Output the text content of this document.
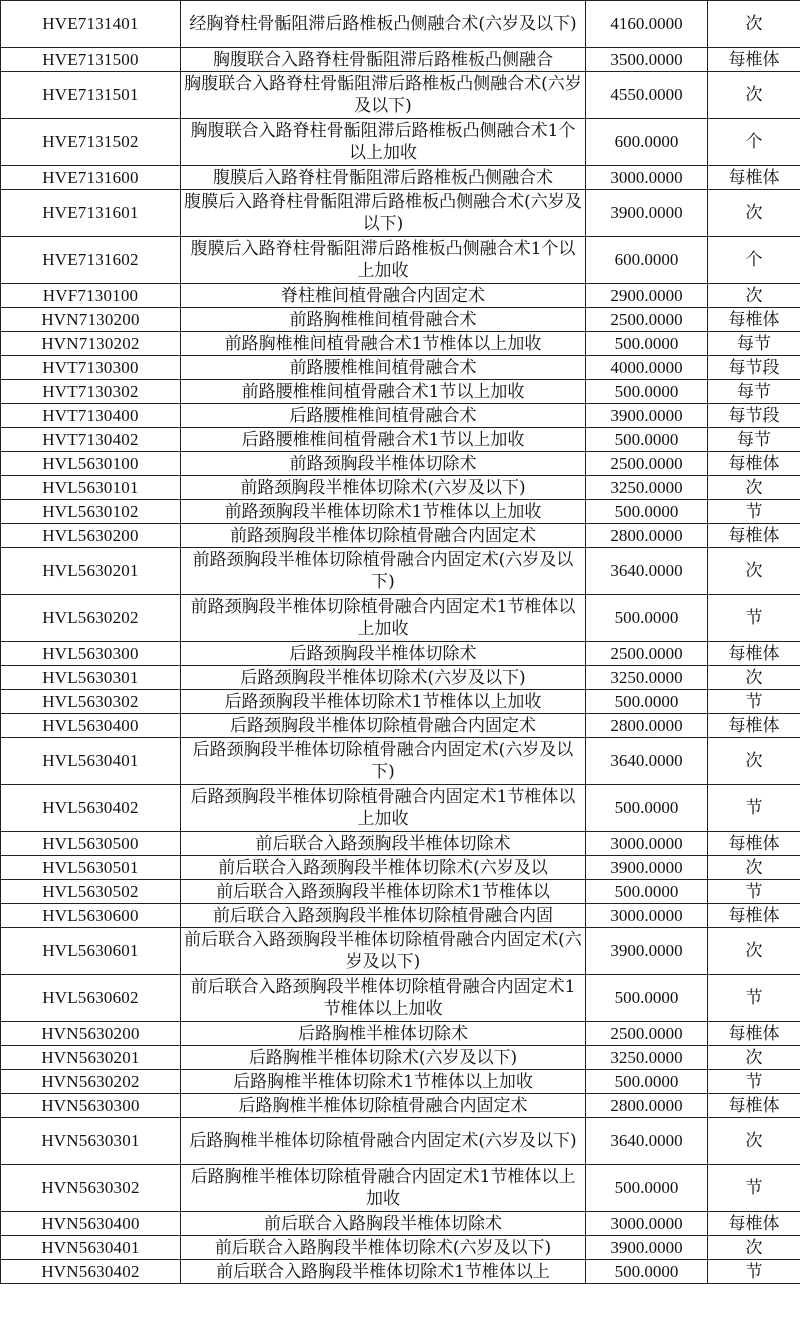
HVE7131401	经胸脊柱骨骺阻滞后路椎板凸侧融合术(六岁及以下)	4160.0000	次
HVE7131500	胸腹联合入路脊柱骨骺阻滞后路椎板凸侧融合	3500.0000	每椎体
HVE7131501	胸腹联合入路脊柱骨骺阻滞后路椎板凸侧融合术(六岁及以下)	4550.0000	次
HVE7131502	胸腹联合入路脊柱骨骺阻滞后路椎板凸侧融合术1个以上加收	600.0000	个
HVE7131600	腹膜后入路脊柱骨骺阻滞后路椎板凸侧融合术	3000.0000	每椎体
HVE7131601	腹膜后入路脊柱骨骺阻滞后路椎板凸侧融合术(六岁及以下)	3900.0000	次
HVE7131602	腹膜后入路脊柱骨骺阻滞后路椎板凸侧融合术1个以上加收	600.0000	个
HVF7130100	脊柱椎间植骨融合内固定术	2900.0000	次
HVN7130200	前路胸椎椎间植骨融合术	2500.0000	每椎体
HVN7130202	前路胸椎椎间植骨融合术1节椎体以上加收	500.0000	每节
HVT7130300	前路腰椎椎间植骨融合术	4000.0000	每节段
HVT7130302	前路腰椎椎间植骨融合术1节以上加收	500.0000	每节
HVT7130400	后路腰椎椎间植骨融合术	3900.0000	每节段
HVT7130402	后路腰椎椎间植骨融合术1节以上加收	500.0000	每节
HVL5630100	前路颈胸段半椎体切除术	2500.0000	每椎体
HVL5630101	前路颈胸段半椎体切除术(六岁及以下)	3250.0000	次
HVL5630102	前路颈胸段半椎体切除术1节椎体以上加收	500.0000	节
HVL5630200	前路颈胸段半椎体切除植骨融合内固定术	2800.0000	每椎体
HVL5630201	前路颈胸段半椎体切除植骨融合内固定术(六岁及以下)	3640.0000	次
HVL5630202	前路颈胸段半椎体切除植骨融合内固定术1节椎体以上加收	500.0000	节
HVL5630300	后路颈胸段半椎体切除术	2500.0000	每椎体
HVL5630301	后路颈胸段半椎体切除术(六岁及以下)	3250.0000	次
HVL5630302	后路颈胸段半椎体切除术1节椎体以上加收	500.0000	节
HVL5630400	后路颈胸段半椎体切除植骨融合内固定术	2800.0000	每椎体
HVL5630401	后路颈胸段半椎体切除植骨融合内固定术(六岁及以下)	3640.0000	次
HVL5630402	后路颈胸段半椎体切除植骨融合内固定术1节椎体以上加收	500.0000	节
HVL5630500	前后联合入路颈胸段半椎体切除术	3000.0000	每椎体
HVL5630501	前后联合入路颈胸段半椎体切除术(六岁及以	3900.0000	次
HVL5630502	前后联合入路颈胸段半椎体切除术1节椎体以	500.0000	节
HVL5630600	前后联合入路颈胸段半椎体切除植骨融合内固	3000.0000	每椎体
HVL5630601	前后联合入路颈胸段半椎体切除植骨融合内固定术(六岁及以下)	3900.0000	次
HVL5630602	前后联合入路颈胸段半椎体切除植骨融合内固定术1节椎体以上加收	500.0000	节
HVN5630200	后路胸椎半椎体切除术	2500.0000	每椎体
HVN5630201	后路胸椎半椎体切除术(六岁及以下)	3250.0000	次
HVN5630202	后路胸椎半椎体切除术1节椎体以上加收	500.0000	节
HVN5630300	后路胸椎半椎体切除植骨融合内固定术	2800.0000	每椎体
HVN5630301	后路胸椎半椎体切除植骨融合内固定术(六岁及以下)	3640.0000	次
HVN5630302	后路胸椎半椎体切除植骨融合内固定术1节椎体以上加收	500.0000	节
HVN5630400	前后联合入路胸段半椎体切除术	3000.0000	每椎体
HVN5630401	前后联合入路胸段半椎体切除术(六岁及以下)	3900.0000	次
HVN5630402	前后联合入路胸段半椎体切除术1节椎体以上	500.0000	节
